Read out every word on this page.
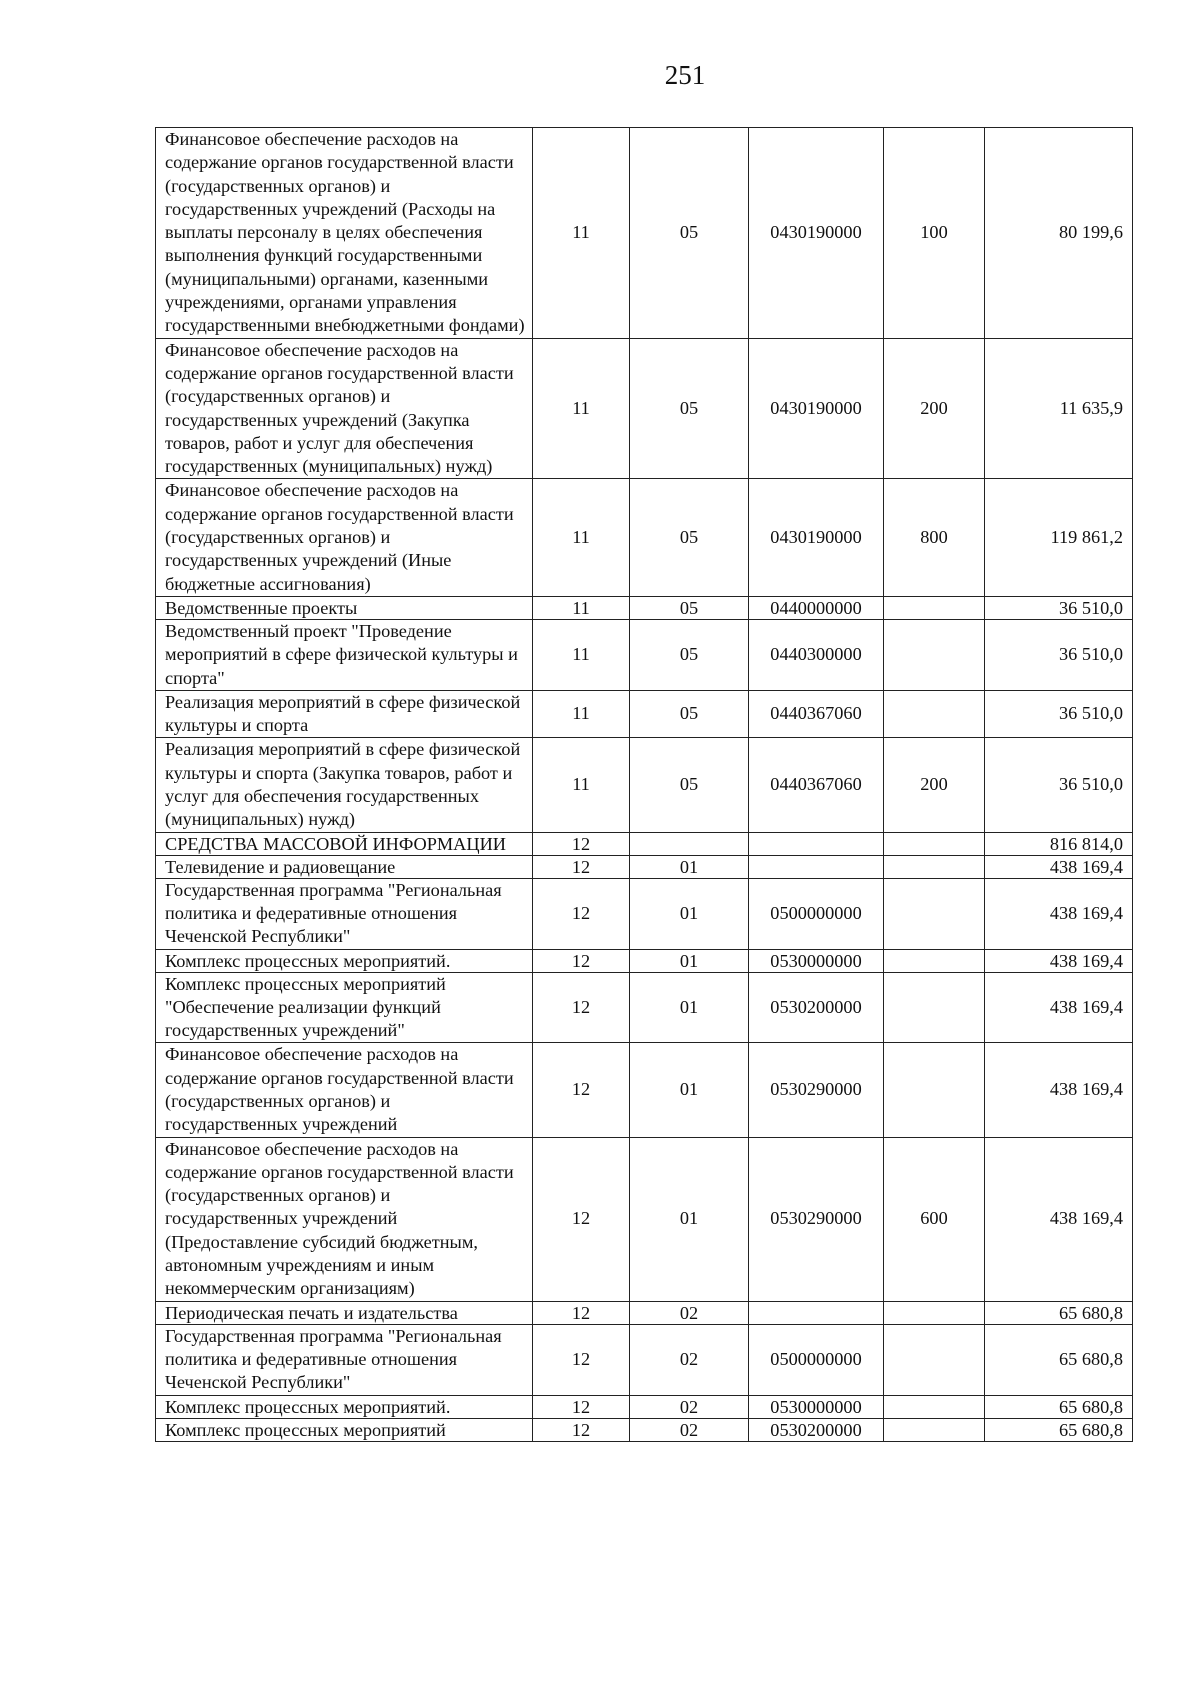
251
Финансовое обеспечение расходов на содержание органов государственной власти (государственных органов) и государственных учреждений (Расходы на выплаты персоналу в целях обеспечения выполнения функций государственными (муниципальными) органами, казенными учреждениями, органами управления государственными внебюджетными фондами)	11	05	0430190000	100	80 199,6
Финансовое обеспечение расходов на содержание органов государственной власти (государственных органов) и государственных учреждений (Закупка товаров, работ и услуг для обеспечения государственных (муниципальных) нужд)	11	05	0430190000	200	11 635,9
Финансовое обеспечение расходов на содержание органов государственной власти (государственных органов) и государственных учреждений (Иные бюджетные ассигнования)	11	05	0430190000	800	119 861,2
Ведомственные проекты	11	05	0440000000		36 510,0
Ведомственный проект "Проведение мероприятий в сфере физической культуры и спорта"	11	05	0440300000		36 510,0
Реализация мероприятий в сфере физической культуры и спорта	11	05	0440367060		36 510,0
Реализация мероприятий в сфере физической культуры и спорта (Закупка товаров, работ и услуг для обеспечения государственных (муниципальных) нужд)	11	05	0440367060	200	36 510,0
СРЕДСТВА МАССОВОЙ ИНФОРМАЦИИ	12				816 814,0
Телевидение и радиовещание	12	01			438 169,4
Государственная программа "Региональная политика и федеративные отношения Чеченской Республики"	12	01	0500000000		438 169,4
Комплекс процессных мероприятий.	12	01	0530000000		438 169,4
Комплекс процессных мероприятий "Обеспечение реализации функций государственных учреждений"	12	01	0530200000		438 169,4
Финансовое обеспечение расходов на содержание органов государственной власти (государственных органов) и государственных учреждений	12	01	0530290000		438 169,4
Финансовое обеспечение расходов на содержание органов государственной власти (государственных органов) и государственных учреждений (Предоставление субсидий бюджетным, автономным учреждениям и иным некоммерческим организациям)	12	01	0530290000	600	438 169,4
Периодическая печать и издательства	12	02			65 680,8
Государственная программа "Региональная политика и федеративные отношения Чеченской Республики"	12	02	0500000000		65 680,8
Комплекс процессных мероприятий.	12	02	0530000000		65 680,8
Комплекс процессных мероприятий	12	02	0530200000		65 680,8
